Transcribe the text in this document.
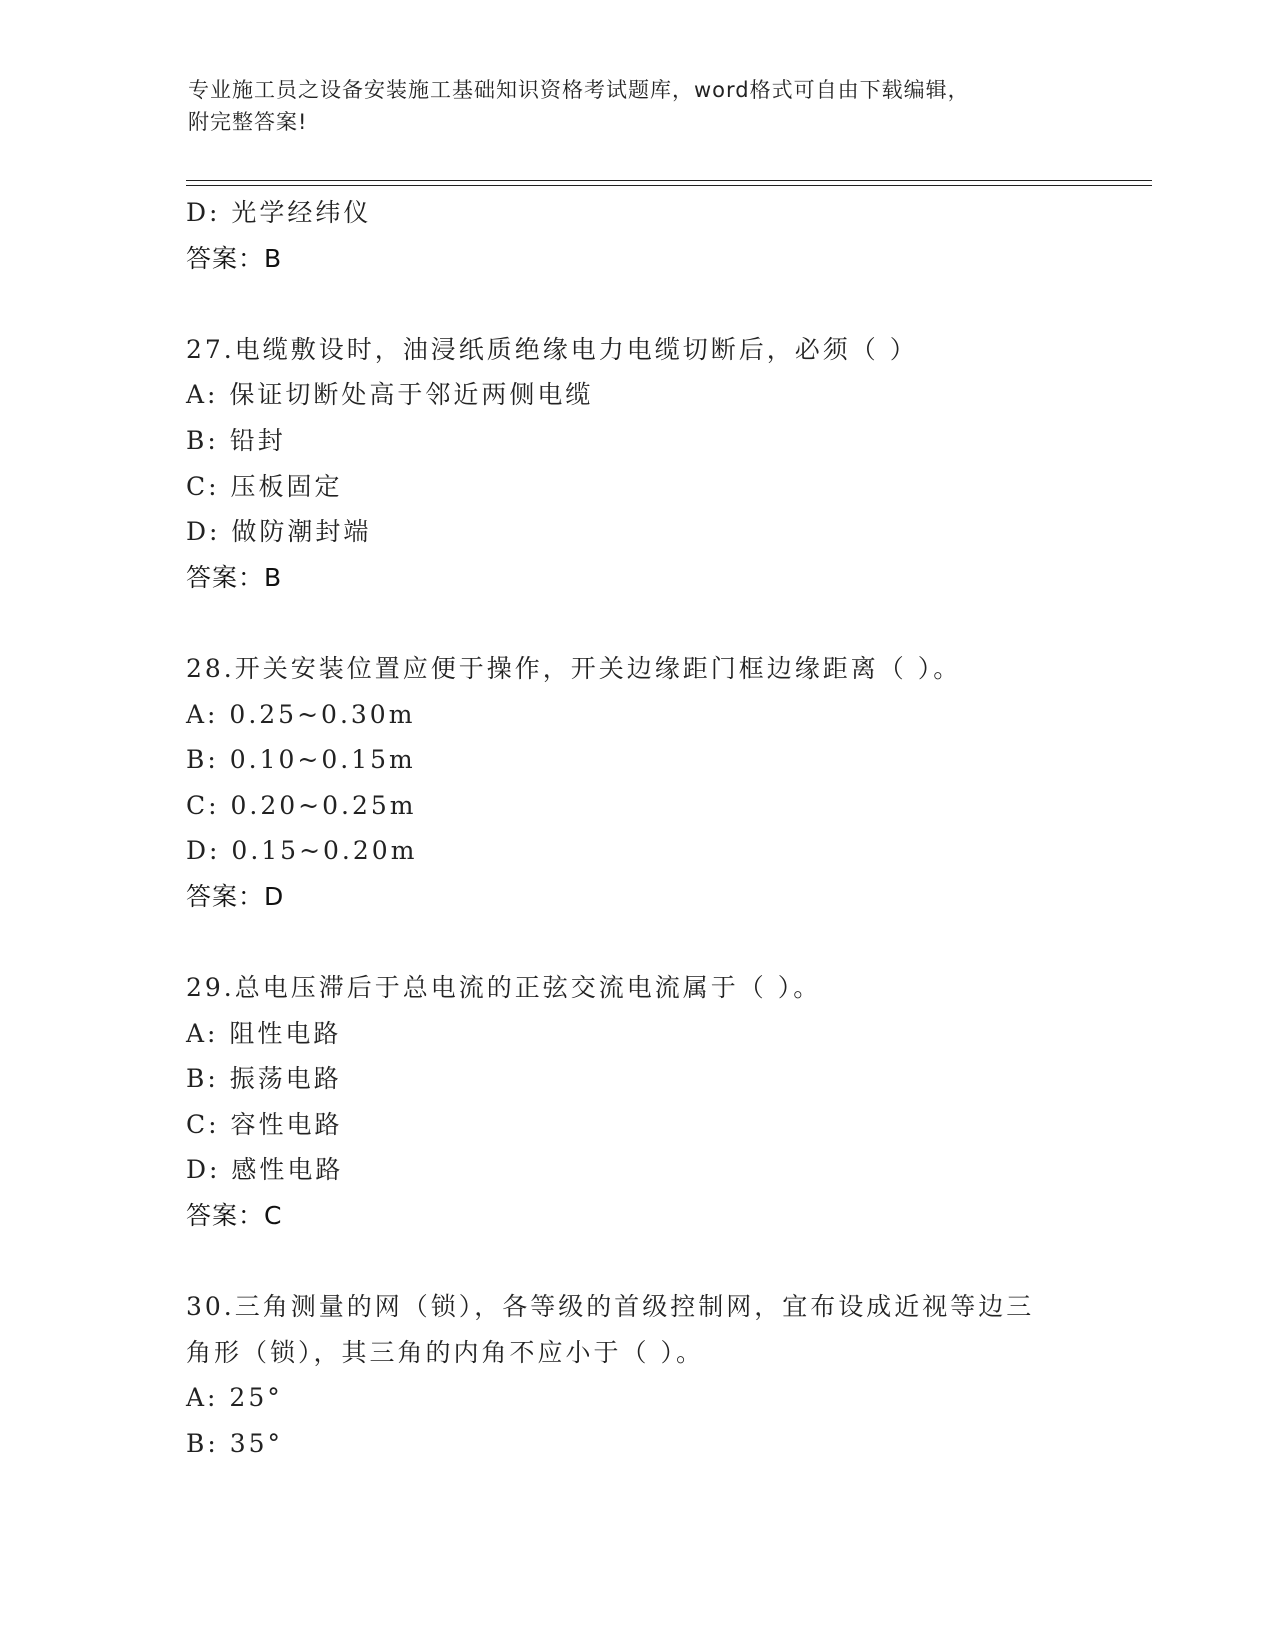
专业施工员之设备安装施工基础知识资格考试题库，word格式可自由下载编辑，
附完整答案!
D: 光学经纬仪
答案：B
27.电缆敷设时，油浸纸质绝缘电力电缆切断后，必须（ ）
A: 保证切断处高于邻近两侧电缆
B: 铅封
C: 压板固定
D: 做防潮封端
答案：B
28.开关安装位置应便于操作，开关边缘距门框边缘距离（ ）。
A: 0.25~0.30m
B: 0.10~0.15m
C: 0.20~0.25m
D: 0.15~0.20m
答案：D
29.总电压滞后于总电流的正弦交流电流属于（ ）。
A: 阻性电路
B: 振荡电路
C: 容性电路
D: 感性电路
答案：C
30.三角测量的网（锁），各等级的首级控制网，宜布设成近视等边三
角形（锁），其三角的内角不应小于（ ）。
A: 25°
B: 35°
